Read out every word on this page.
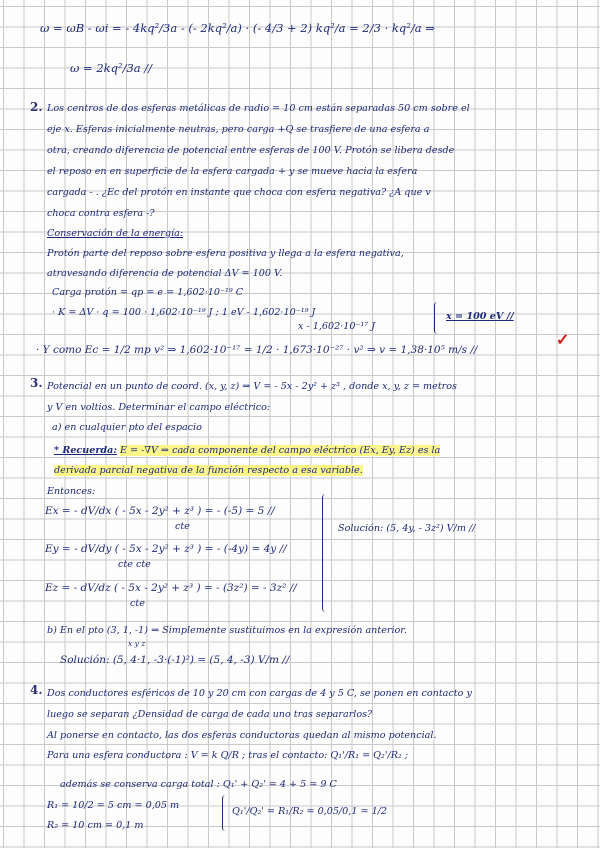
ω = ωB - ωi = - 4kq²/3a - (- 2kq²/a) · (- 4/3 + 2) kq²/a = 2/3 · kq²/a ⇒
ω = 2kq²/3a //
2. Los centros de dos esferas metálicas de radio = 10 cm están separadas 50 cm sobre el
eje x. Esferas inicialmente neutras, pero carga +Q se trasfiere de una esfera a
otra, creando diferencia de potencial entre esferas de 100 V. Protón se libera desde
el reposo en en superficie de la esfera cargada + y se mueve hacia la esfera
cargada - . ¿Ec del protón en instante que choca con esfera negativa? ¿A que v
choca contra esfera -?
Conservación de la energía:
Protón parte del reposo sobre esfera positiva y llega a la esfera negativa,
atravesando diferencia de potencial ΔV = 100 V.
Carga protón = qp = e = 1,602·10⁻¹⁹ C
· K = ΔV · q = 100 · 1,602·10⁻¹⁹ J ; 1 eV - 1,602·10⁻¹⁹ J
x - 1,602·10⁻¹⁷ J
x = 100 eV //
· Y como Ec = 1/2 mp v² ⇒ 1,602·10⁻¹⁷ = 1/2 · 1,673·10⁻²⁷ · v² ⇒ v = 1,38·10⁵ m/s //
✓
3. Potencial en un punto de coord. (x, y, z) ⇒ V = - 5x - 2y² + z³ , donde x, y, z = metros
y V en voltios. Determinar el campo eléctrico:
a) en cualquier pto del espacio
* Recuerda: E = -∇V ⇒ cada componente del campo eléctrico (Ex, Ey, Ez) es la
derivada parcial negativa de la función respecto a esa variable.
Entonces:
Ex = - dV/dx ( - 5x - 2y² + z³ ) = - (-5) = 5 //
cte
Ey = - dV/dy ( - 5x - 2y² + z³ ) = - (-4y) = 4y //
cte cte
Ez = - dV/dz ( - 5x - 2y² + z³ ) = - (3z²) = - 3z² //
cte
Solución: (5, 4y, - 3z²) V/m //
b) En el pto (3, 1, -1) ⇒ Simplemente sustituimos en la expresión anterior.
x y z
Solución: (5, 4·1, -3·(-1)²) = (5, 4, -3) V/m //
4. Dos conductores esféricos de 10 y 20 cm con cargas de 4 y 5 C, se ponen en contacto y
luego se separan ¿Densidad de carga de cada uno tras separarlos?
Al ponerse en contacto, las dos esferas conductoras quedan al mismo potencial.
Para una esfera conductora : V = k Q/R ; tras el contacto: Q₁'/R₁ = Q₂'/R₂ ;
además se conserva carga total : Q₁' + Q₂' = 4 + 5 = 9 C
R₁ = 10/2 = 5 cm = 0,05 m
Q₁'/Q₂' = R₁/R₂ = 0,05/0,1 = 1/2
R₂ = 10 cm = 0,1 m
